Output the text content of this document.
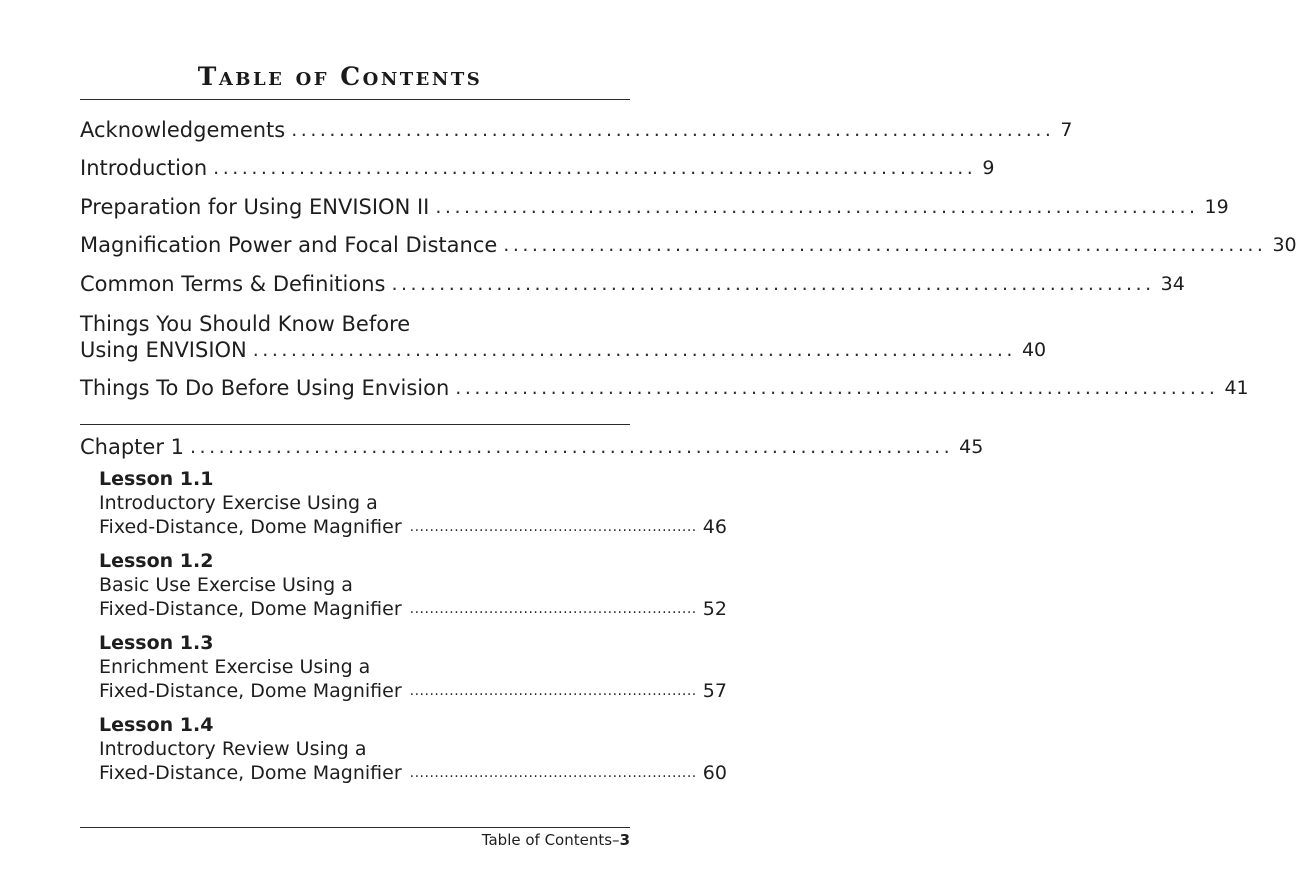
Table of Contents
Acknowledgements ................................................................................ 7
Introduction ................................................................................ 9
Preparation for Using ENVISION II ................................................................................ 19
Magnification Power and Focal Distance ................................................................................ 30
Common Terms & Definitions ................................................................................ 34
Things You Should Know Before
Using ENVISION ................................................................................ 40
Things To Do Before Using Envision ................................................................................ 41
Chapter 1 ................................................................................ 45
Lesson 1.1
Introductory Exercise Using a
Fixed-Distance, Dome Magnifier .......................................................... 46
Lesson 1.2
Basic Use Exercise Using a
Fixed-Distance, Dome Magnifier .......................................................... 52
Lesson 1.3
Enrichment Exercise Using a
Fixed-Distance, Dome Magnifier .......................................................... 57
Lesson 1.4
Introductory Review Using a
Fixed-Distance, Dome Magnifier .......................................................... 60
Table of Contents–3
